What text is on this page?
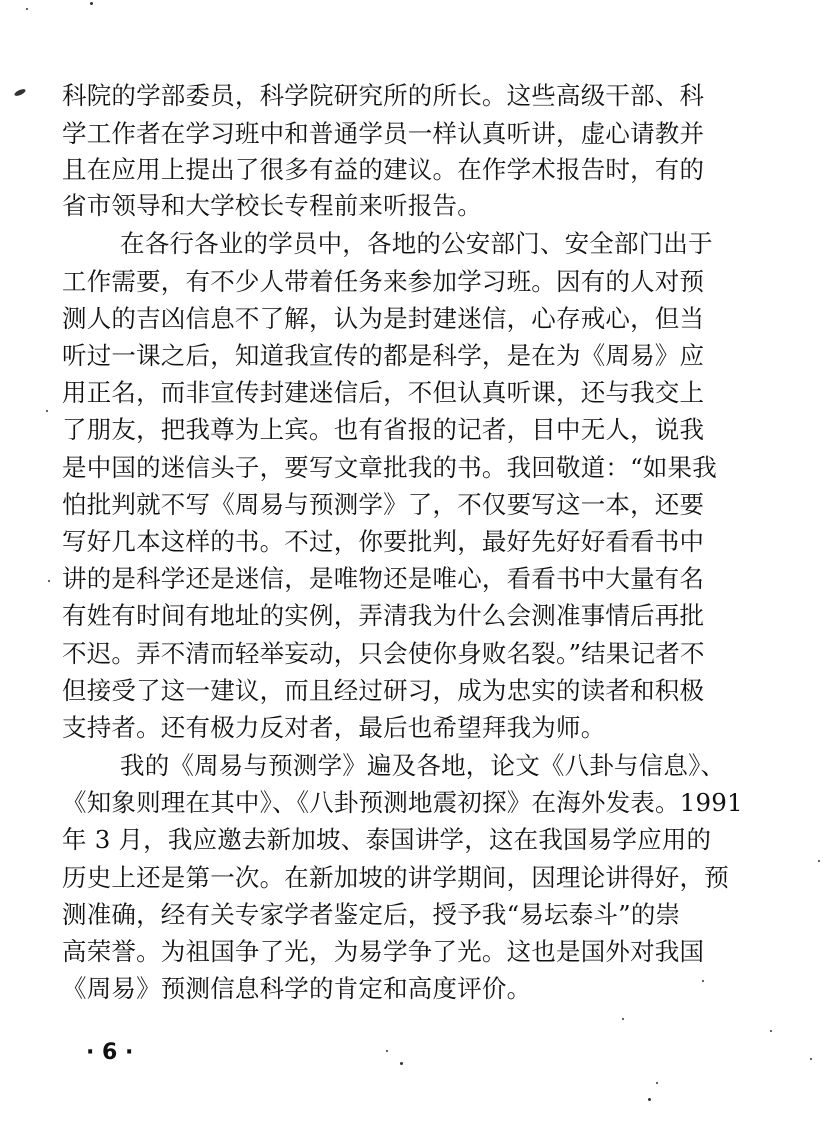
科院的学部委员，科学院研究所的所长。这些高级干部、科
学工作者在学习班中和普通学员一样认真听讲，虚心请教并
且在应用上提出了很多有益的建议。在作学术报告时，有的
省市领导和大学校长专程前来听报告。
在各行各业的学员中，各地的公安部门、安全部门出于
工作需要，有不少人带着任务来参加学习班。因有的人对预
测人的吉凶信息不了解，认为是封建迷信，心存戒心，但当
听过一课之后，知道我宣传的都是科学，是在为《周易》应
用正名，而非宣传封建迷信后，不但认真听课，还与我交上
了朋友，把我尊为上宾。也有省报的记者，目中无人，说我
是中国的迷信头子，要写文章批我的书。我回敬道：“如果我
怕批判就不写《周易与预测学》了，不仅要写这一本，还要
写好几本这样的书。不过，你要批判，最好先好好看看书中
讲的是科学还是迷信，是唯物还是唯心，看看书中大量有名
有姓有时间有地址的实例，弄清我为什么会测准事情后再批
不迟。弄不清而轻举妄动，只会使你身败名裂。”结果记者不
但接受了这一建议，而且经过研习，成为忠实的读者和积极
支持者。还有极力反对者，最后也希望拜我为师。
我的《周易与预测学》遍及各地，论文《八卦与信息》、
《知象则理在其中》、《八卦预测地震初探》在海外发表。1991
年 3 月，我应邀去新加坡、泰国讲学，这在我国易学应用的
历史上还是第一次。在新加坡的讲学期间，因理论讲得好，预
测准确，经有关专家学者鉴定后，授予我“易坛泰斗”的崇
高荣誉。为祖国争了光，为易学争了光。这也是国外对我国
《周易》预测信息科学的肯定和高度评价。
· 6 ·
